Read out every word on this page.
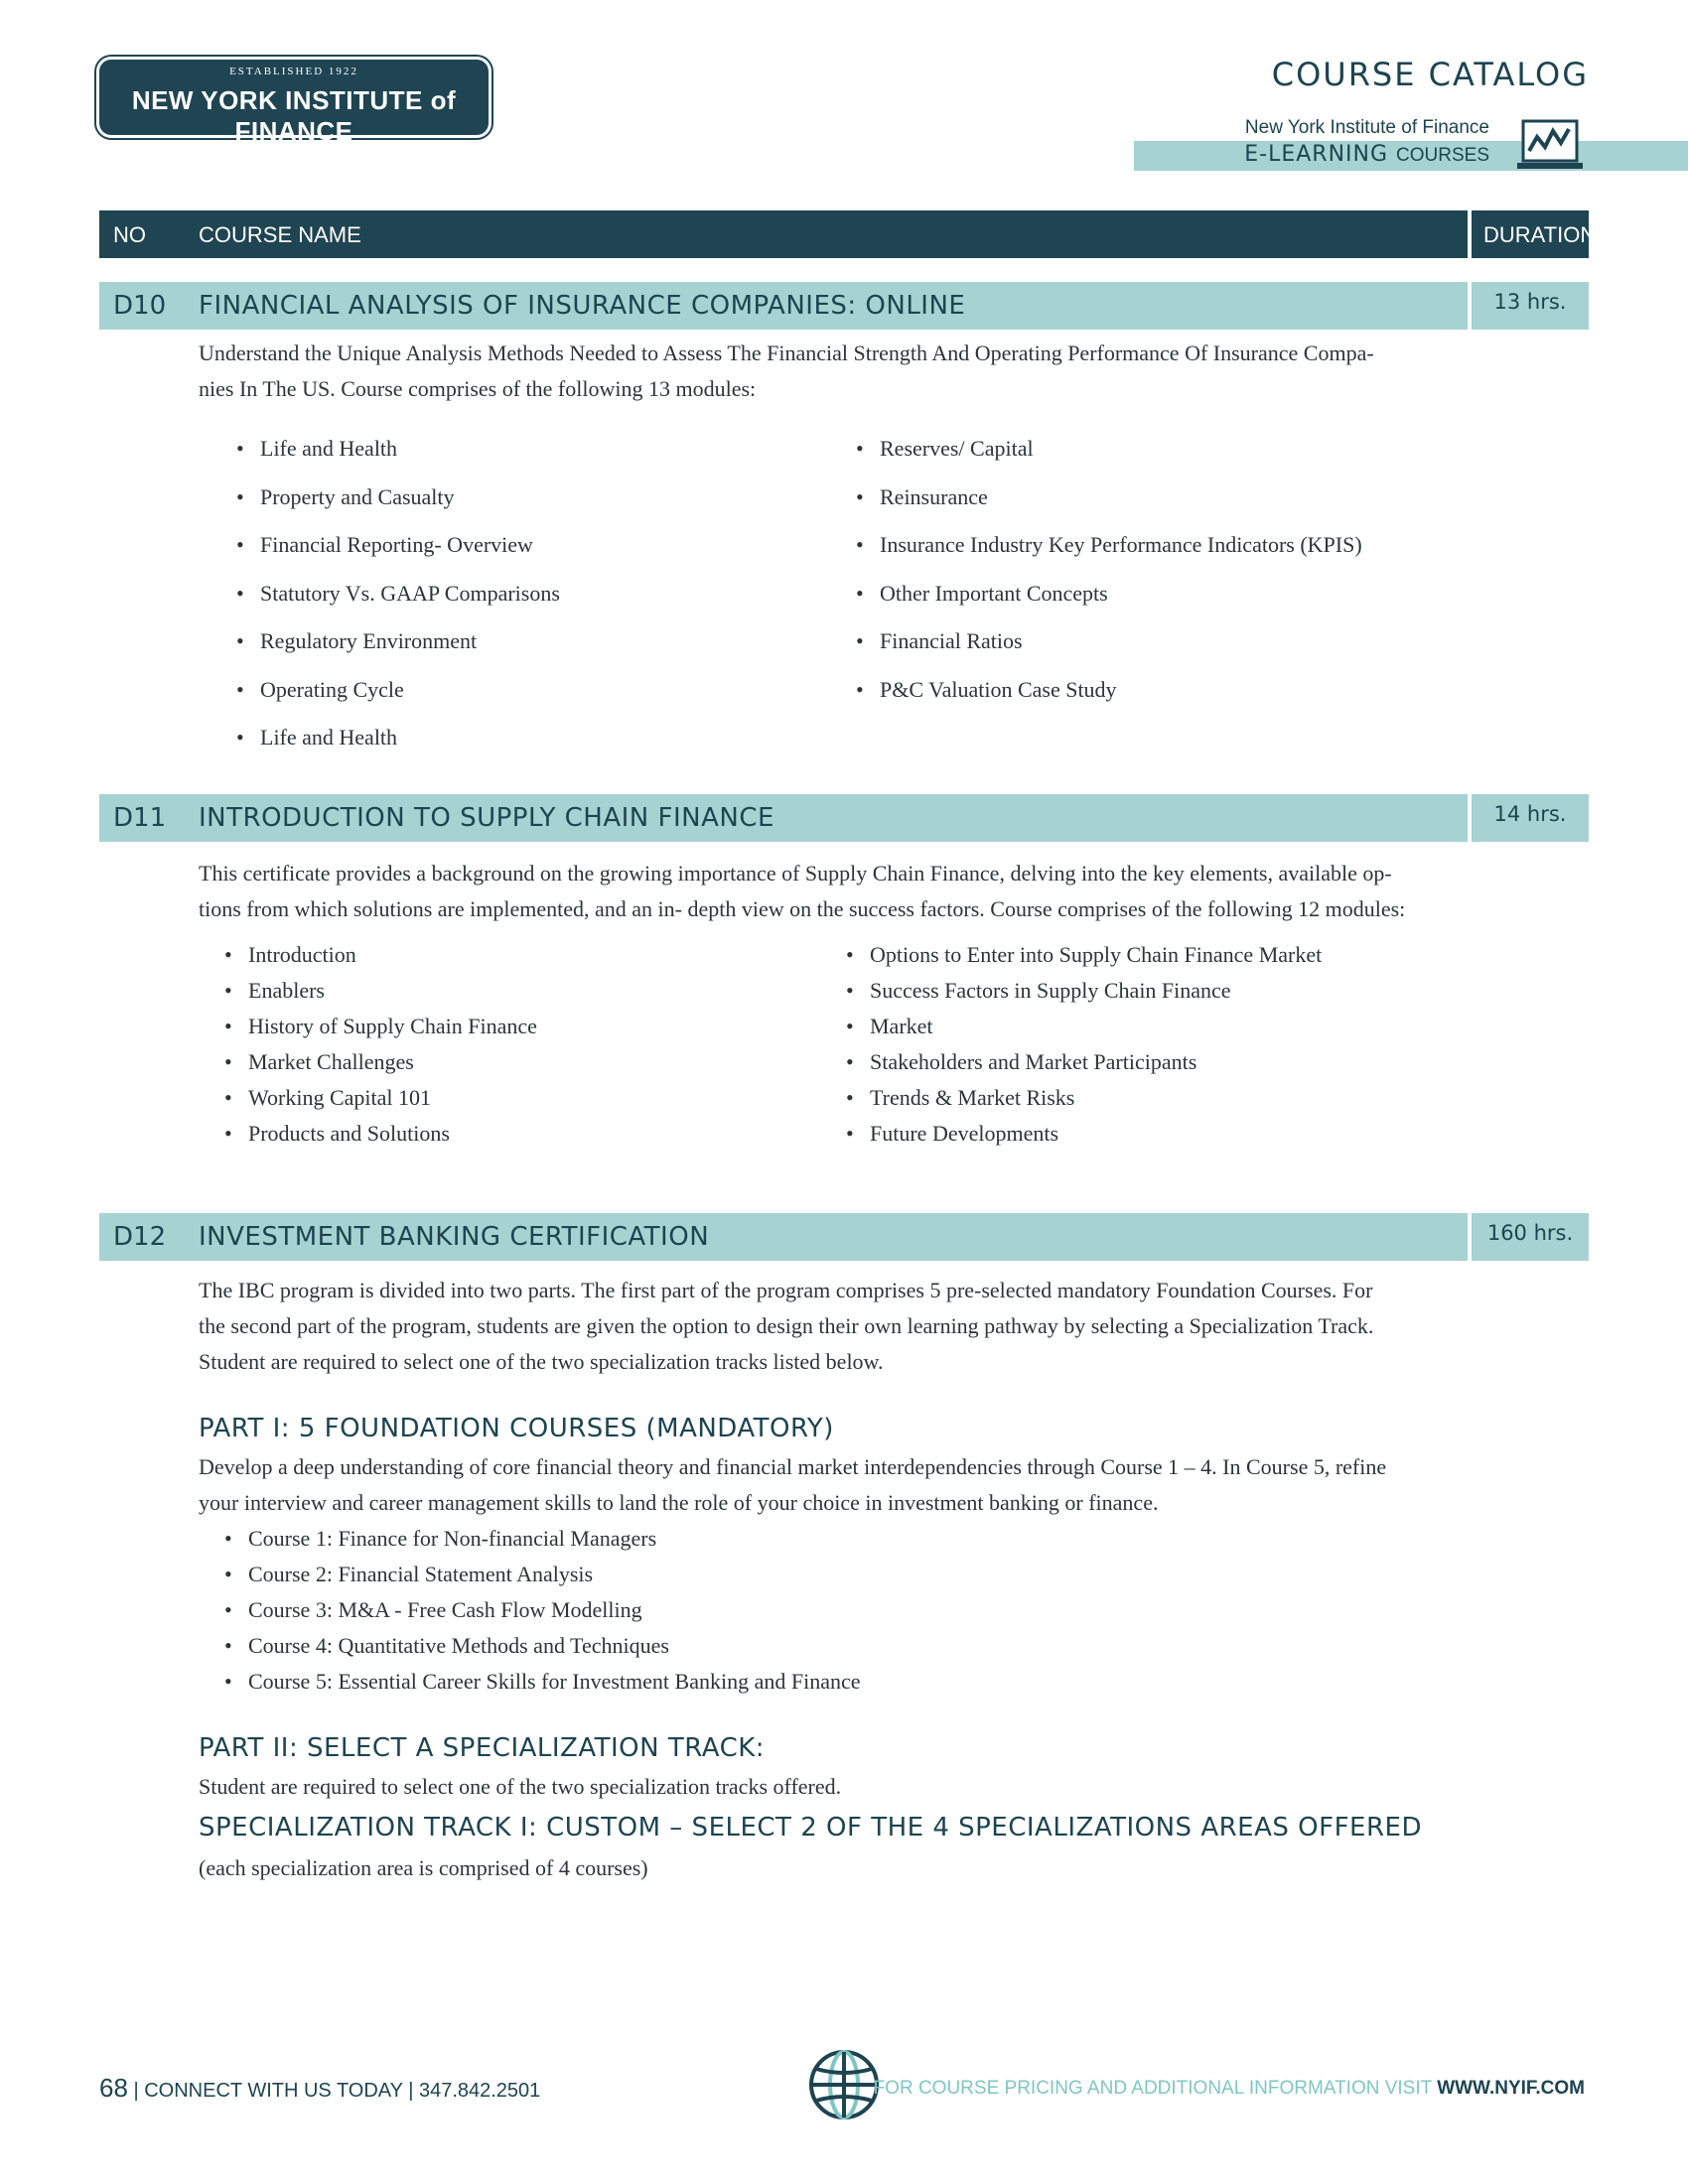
ESTABLISHED 1922
NEW YORK INSTITUTE of FINANCE
COURSE CATALOG
New York Institute of Finance
E-LEARNING COURSES
NO COURSE NAME	DURATION
D10 FINANCIAL ANALYSIS OF INSURANCE COMPANIES: ONLINE	13 hrs.
Understand the Unique Analysis Methods Needed to Assess The Financial Strength And Operating Performance Of Insurance Compa-
nies In The US. Course comprises of the following 13 modules:
• Life and Health
• Property and Casualty
• Financial Reporting- Overview
• Statutory Vs. GAAP Comparisons
• Regulatory Environment
• Operating Cycle
• Life and Health
• Reserves/ Capital
• Reinsurance
• Insurance Industry Key Performance Indicators (KPIS)
• Other Important Concepts
• Financial Ratios
• P&C Valuation Case Study
D11 INTRODUCTION TO SUPPLY CHAIN FINANCE	14 hrs.
This certificate provides a background on the growing importance of Supply Chain Finance, delving into the key elements, available op-
tions from which solutions are implemented, and an in- depth view on the success factors. Course comprises of the following 12 modules:
• Introduction
• Enablers
• History of Supply Chain Finance
• Market Challenges
• Working Capital 101
• Products and Solutions
• Options to Enter into Supply Chain Finance Market
• Success Factors in Supply Chain Finance
• Market
• Stakeholders and Market Participants
• Trends & Market Risks
• Future Developments
D12 INVESTMENT BANKING CERTIFICATION	160 hrs.
The IBC program is divided into two parts. The first part of the program comprises 5 pre-selected mandatory Foundation Courses. For
the second part of the program, students are given the option to design their own learning pathway by selecting a Specialization Track.
Student are required to select one of the two specialization tracks listed below.
PART I: 5 FOUNDATION COURSES (MANDATORY)
Develop a deep understanding of core financial theory and financial market interdependencies through Course 1 – 4. In Course 5, refine
your interview and career management skills to land the role of your choice in investment banking or finance.
• Course 1: Finance for Non-financial Managers
• Course 2: Financial Statement Analysis
• Course 3: M&A - Free Cash Flow Modelling
• Course 4: Quantitative Methods and Techniques
• Course 5: Essential Career Skills for Investment Banking and Finance
PART II: SELECT A SPECIALIZATION TRACK:
Student are required to select one of the two specialization tracks offered.
SPECIALIZATION TRACK I: CUSTOM – SELECT 2 OF THE 4 SPECIALIZATIONS AREAS OFFERED
(each specialization area is comprised of 4 courses)
68 | CONNECT WITH US TODAY | 347.842.2501	FOR COURSE PRICING AND ADDITIONAL INFORMATION VISIT WWW.NYIF.COM
